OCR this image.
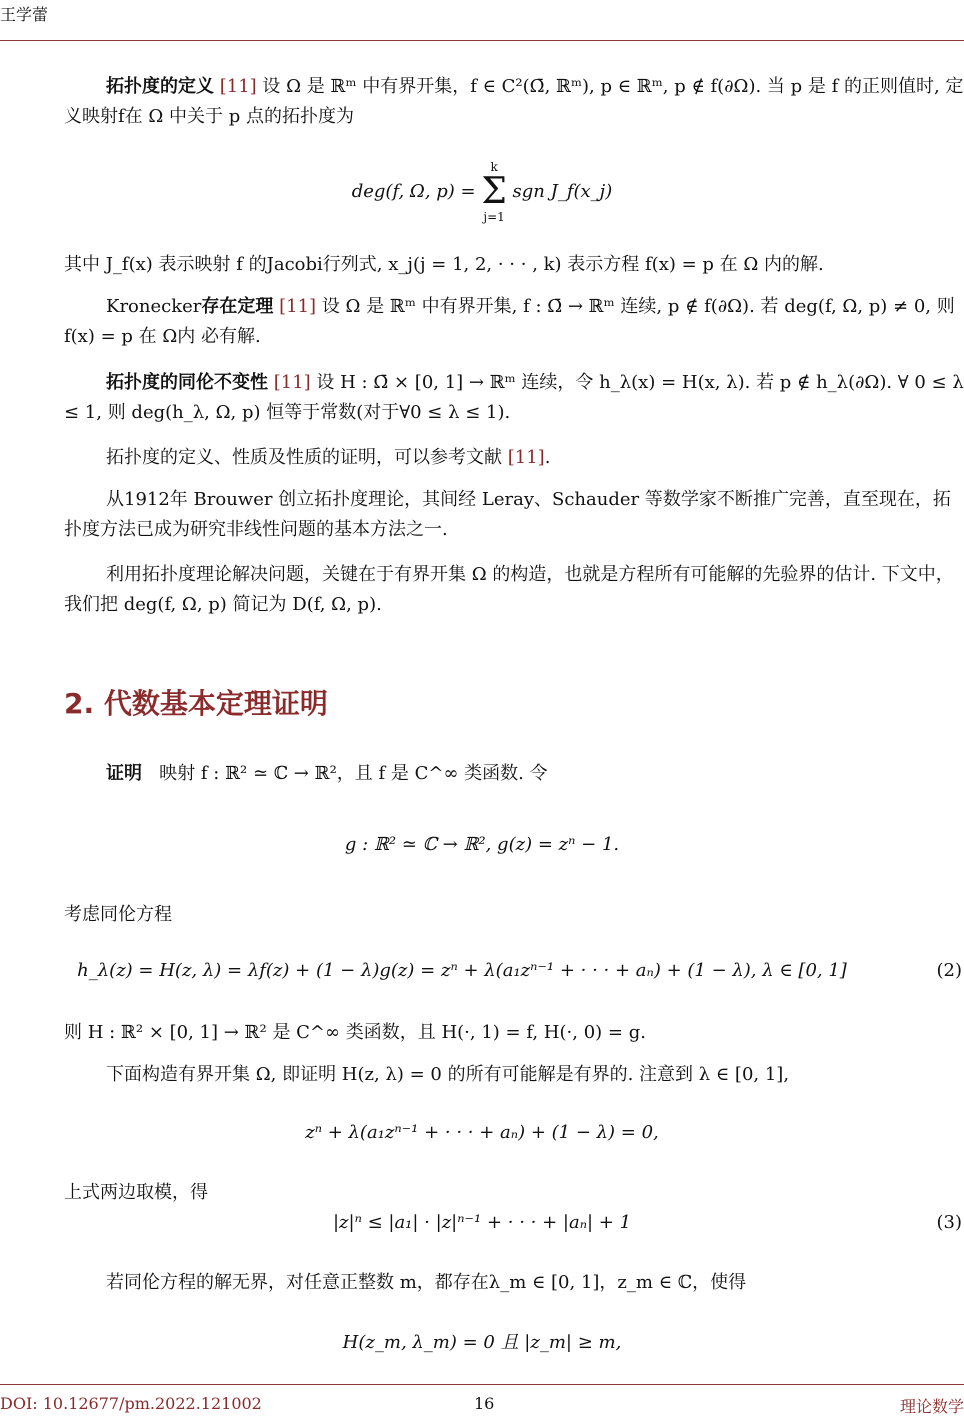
王学蕾
拓扑度的定义 [11] 设 Ω 是 ℝᵐ 中有界开集，f ∈ C²(Ω̄, ℝᵐ), p ∈ ℝᵐ, p ∉ f(∂Ω). 当 p 是 f 的正则值时, 定义映射f在 Ω 中关于 p 点的拓扑度为
deg(f, Ω, p) =
k
Σ
j=1
sgn J_f(x_j)
其中 J_f(x) 表示映射 f 的Jacobi行列式, x_j(j = 1, 2, · · · , k) 表示方程 f(x) = p 在 Ω 内的解.
Kronecker存在定理 [11] 设 Ω 是 ℝᵐ 中有界开集, f : Ω̄ → ℝᵐ 连续, p ∉ f(∂Ω). 若 deg(f, Ω, p) ≠ 0, 则 f(x) = p 在 Ω内 必有解.
拓扑度的同伦不变性 [11] 设 H : Ω̄ × [0, 1] → ℝᵐ 连续，令 h_λ(x) = H(x, λ). 若 p ∉ h_λ(∂Ω). ∀ 0 ≤ λ ≤ 1, 则 deg(h_λ, Ω, p) 恒等于常数(对于∀0 ≤ λ ≤ 1).
拓扑度的定义、性质及性质的证明，可以参考文献 [11].
从1912年 Brouwer 创立拓扑度理论，其间经 Leray、Schauder 等数学家不断推广完善，直至现在，拓扑度方法已成为研究非线性问题的基本方法之一.
利用拓扑度理论解决问题，关键在于有界开集 Ω 的构造，也就是方程所有可能解的先验界的估计. 下文中，我们把 deg(f, Ω, p) 简记为 D(f, Ω, p).
2. 代数基本定理证明
证明 映射 f : ℝ² ≃ ℂ → ℝ²，且 f 是 C^∞ 类函数. 令
g : ℝ² ≃ ℂ → ℝ², g(z) = zⁿ − 1.
考虑同伦方程
h_λ(z) = H(z, λ) = λf(z) + (1 − λ)g(z) = zⁿ + λ(a₁zⁿ⁻¹ + · · · + aₙ) + (1 − λ), λ ∈ [0, 1]	(2)
则 H : ℝ² × [0, 1] → ℝ² 是 C^∞ 类函数，且 H(·, 1) = f, H(·, 0) = g.
下面构造有界开集 Ω, 即证明 H(z, λ) = 0 的所有可能解是有界的. 注意到 λ ∈ [0, 1],
zⁿ + λ(a₁zⁿ⁻¹ + · · · + aₙ) + (1 − λ) = 0,
上式两边取模，得
|z|ⁿ ≤ |a₁| · |z|ⁿ⁻¹ + · · · + |aₙ| + 1	(3)
若同伦方程的解无界，对任意正整数 m，都存在λ_m ∈ [0, 1]，z_m ∈ ℂ，使得
H(z_m, λ_m) = 0 且 |z_m| ≥ m,
DOI: 10.12677/pm.2022.121002	16	理论数学
